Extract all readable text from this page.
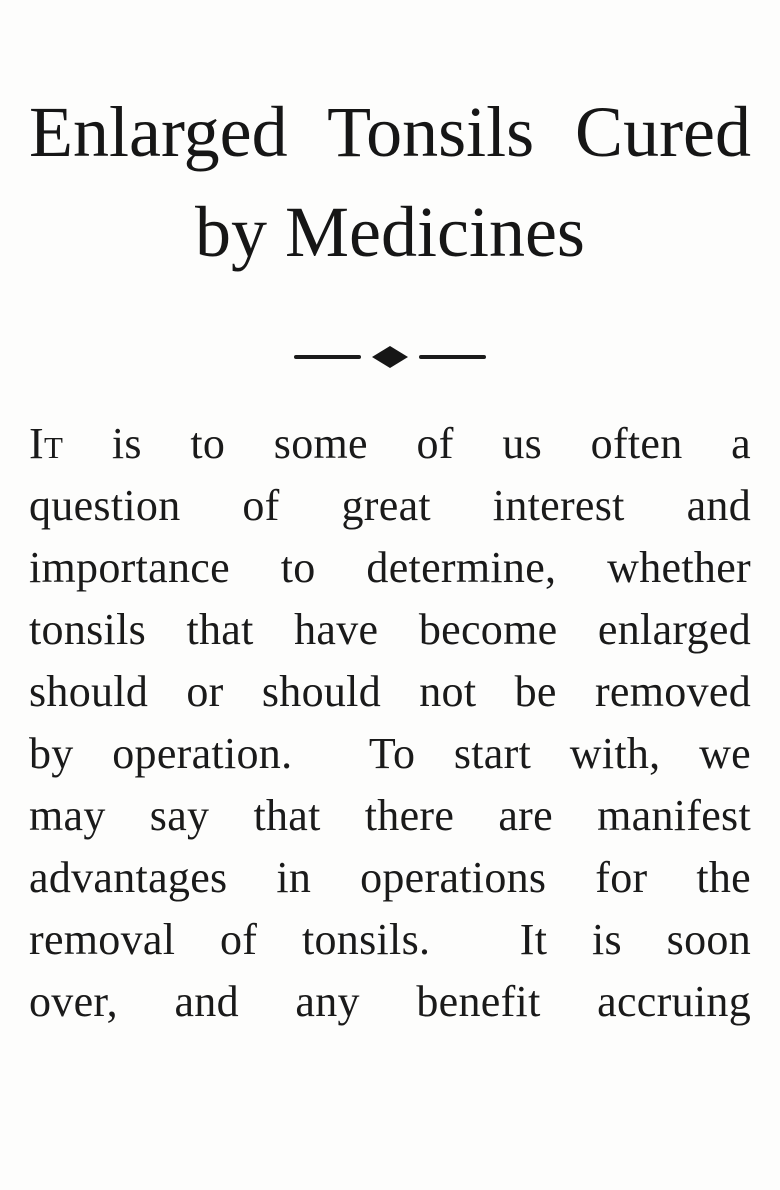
Enlarged Tonsils Cured
by Medicines

It is to some of us often a

question of great interest and

importance to determine, whether

tonsils that have become enlarged

should or should not be removed

by operation.  To start with, we

may say that there are manifest

advantages in operations for the

removal of tonsils.  It is soon

over, and any benefit accruing
